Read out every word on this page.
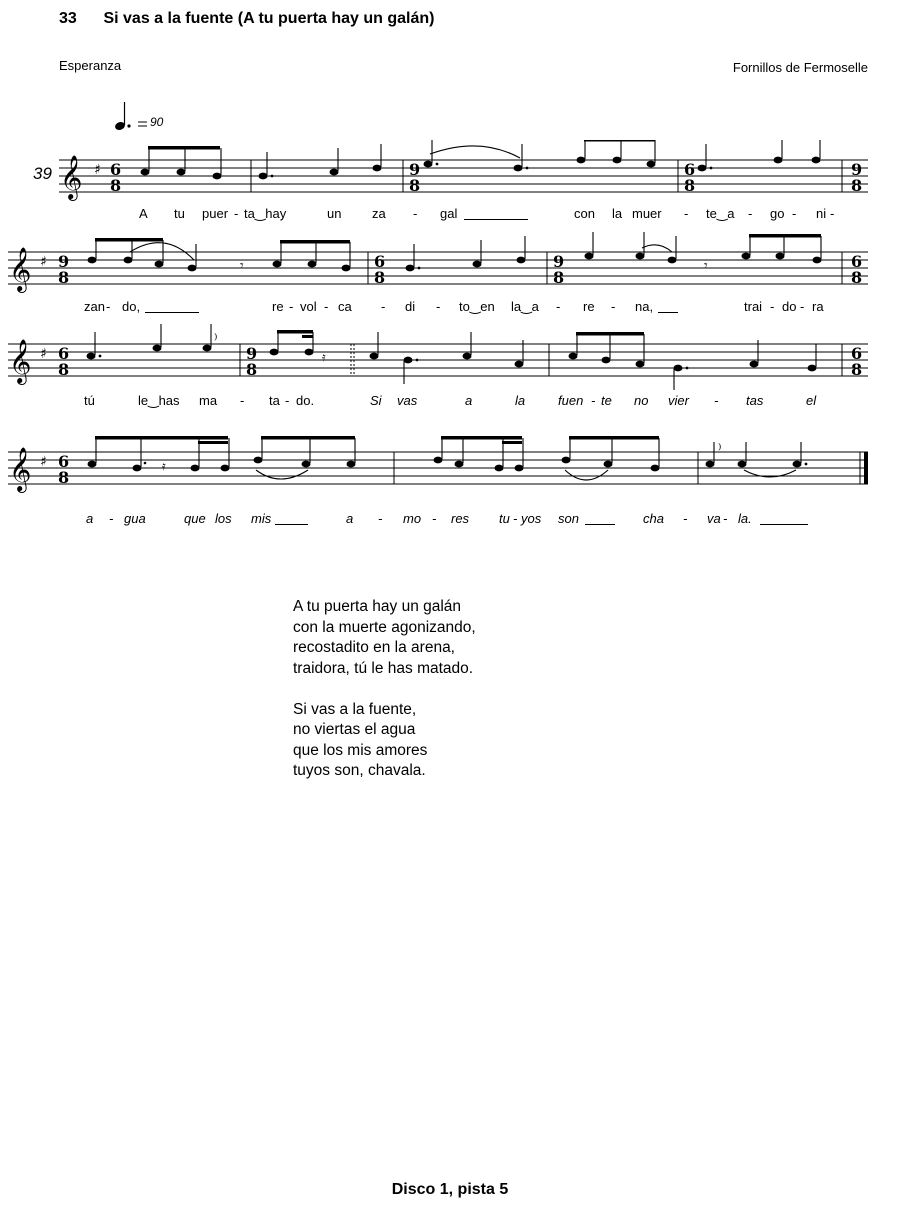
33 Si vas a la fuente (A tu puerta hay un galán)
Esperanza	Fornillos de Fermoselle
90
39 𝄞 ♯ 6
8
9
8
6
8
9
8
A tu puer - ta‿hay	un za - gal	con la muer - te‿a - go - ni -
𝄞 ♯ 9
8
𝄾	𝄾
6
8
9
8
6
8
zan - do,	re - vol - ca - di - to‿en la‿a - re - na,	trai - do - ra
𝄞 ♯ 6
8
9
8
6
8
𝄿
⁾
tú	le‿has ma - ta - do.	Si vas	a	la	fuen - te no vier - tas	el
𝄞 ♯ 6
8
𝄿
⁾
a - gua	que los mis	a - mo - res tu - yos son	cha - va - la.
A tu puerta hay un galán
con la muerte agonizando,
recostadito en la arena,
traidora, tú le has matado.
Si vas a la fuente,
no viertas el agua
que los mis amores
tuyos son, chavala.
Disco 1, pista 5
